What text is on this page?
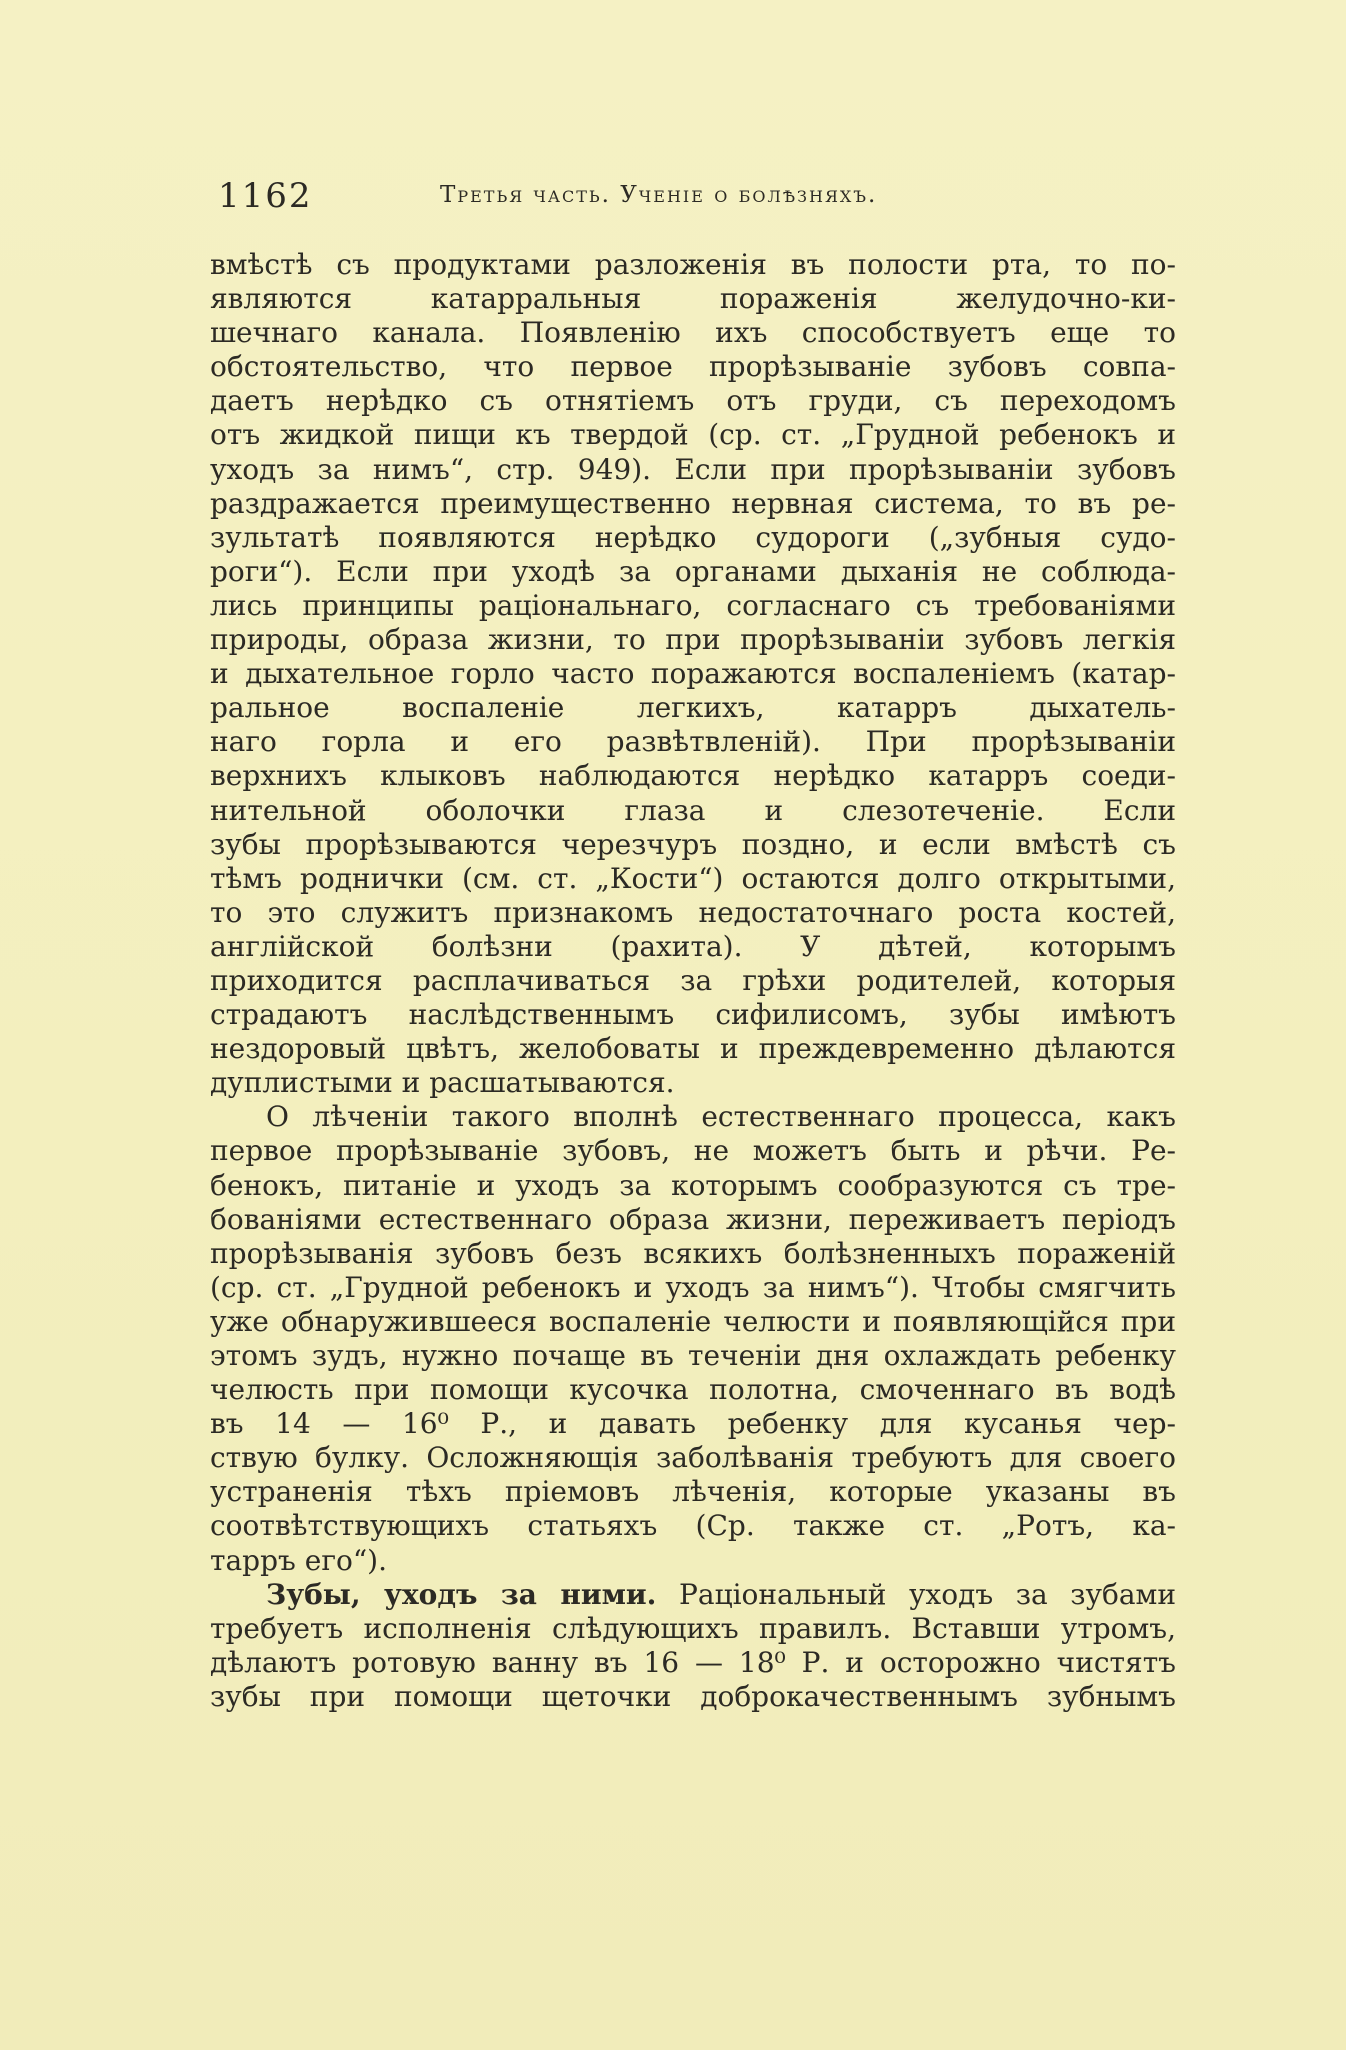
1162	Третья часть. Ученіе о болѣзняхъ.
вмѣстѣ съ продуктами разложенія въ полости рта, то по-
являются катарральныя пораженія желудочно-ки-
шечнаго канала. Появленію ихъ способствуетъ еще то
обстоятельство, что первое прорѣзываніе зубовъ совпа-
даетъ нерѣдко съ отнятіемъ отъ груди, съ переходомъ
отъ жидкой пищи къ твердой (ср. ст. „Грудной ребенокъ и
уходъ за нимъ“, стр. 949). Если при прорѣзываніи зубовъ
раздражается преимущественно нервная система, то въ ре-
зультатѣ появляются нерѣдко судороги („зубныя судо-
роги“). Если при уходѣ за органами дыханія не соблюда-
лись принципы раціональнаго, согласнаго съ требованіями
природы, образа жизни, то при прорѣзываніи зубовъ легкія
и дыхательное горло часто поражаются воспаленіемъ (катар-
ральное воспаленіе легкихъ, катарръ дыхатель-
наго горла и его развѣтвленій). При прорѣзываніи
верхнихъ клыковъ наблюдаются нерѣдко катарръ соеди-
нительной оболочки глаза и слезотеченіе. Если
зубы прорѣзываются черезчуръ поздно, и если вмѣстѣ съ
тѣмъ роднички (см. ст. „Кости“) остаются долго открытыми,
то это служитъ признакомъ недостаточнаго роста костей,
англійской болѣзни (рахита). У дѣтей, которымъ
приходится расплачиваться за грѣхи родителей, которыя
страдаютъ наслѣдственнымъ сифилисомъ, зубы имѣютъ
нездоровый цвѣтъ, желобоваты и преждевременно дѣлаются
дуплистыми и расшатываются.
О лѣченіи такого вполнѣ естественнаго процесса, какъ
первое прорѣзываніе зубовъ, не можетъ быть и рѣчи. Ре-
бенокъ, питаніе и уходъ за которымъ сообразуются съ тре-
бованіями естественнаго образа жизни, переживаетъ періодъ
прорѣзыванія зубовъ безъ всякихъ болѣзненныхъ пораженій
(ср. ст. „Грудной ребенокъ и уходъ за нимъ“). Чтобы смягчить
уже обнаружившееся воспаленіе челюсти и появляющійся при
этомъ зудъ, нужно почаще въ теченіи дня охлаждать ребенку
челюсть при помощи кусочка полотна, смоченнаго въ водѣ
въ 14 — 16⁰ Р., и давать ребенку для кусанья чер-
ствую булку. Осложняющія заболѣванія требуютъ для своего
устраненія тѣхъ пріемовъ лѣченія, которые указаны въ
соотвѣтствующихъ статьяхъ (Ср. также ст. „Ротъ, ка-
тарръ его“).
Зубы, уходъ за ними. Раціональный уходъ за зубами
требуетъ исполненія слѣдующихъ правилъ. Вставши утромъ,
дѣлаютъ ротовую ванну въ 16 — 18⁰ Р. и осторожно чистятъ
зубы при помощи щеточки доброкачественнымъ зубнымъ
